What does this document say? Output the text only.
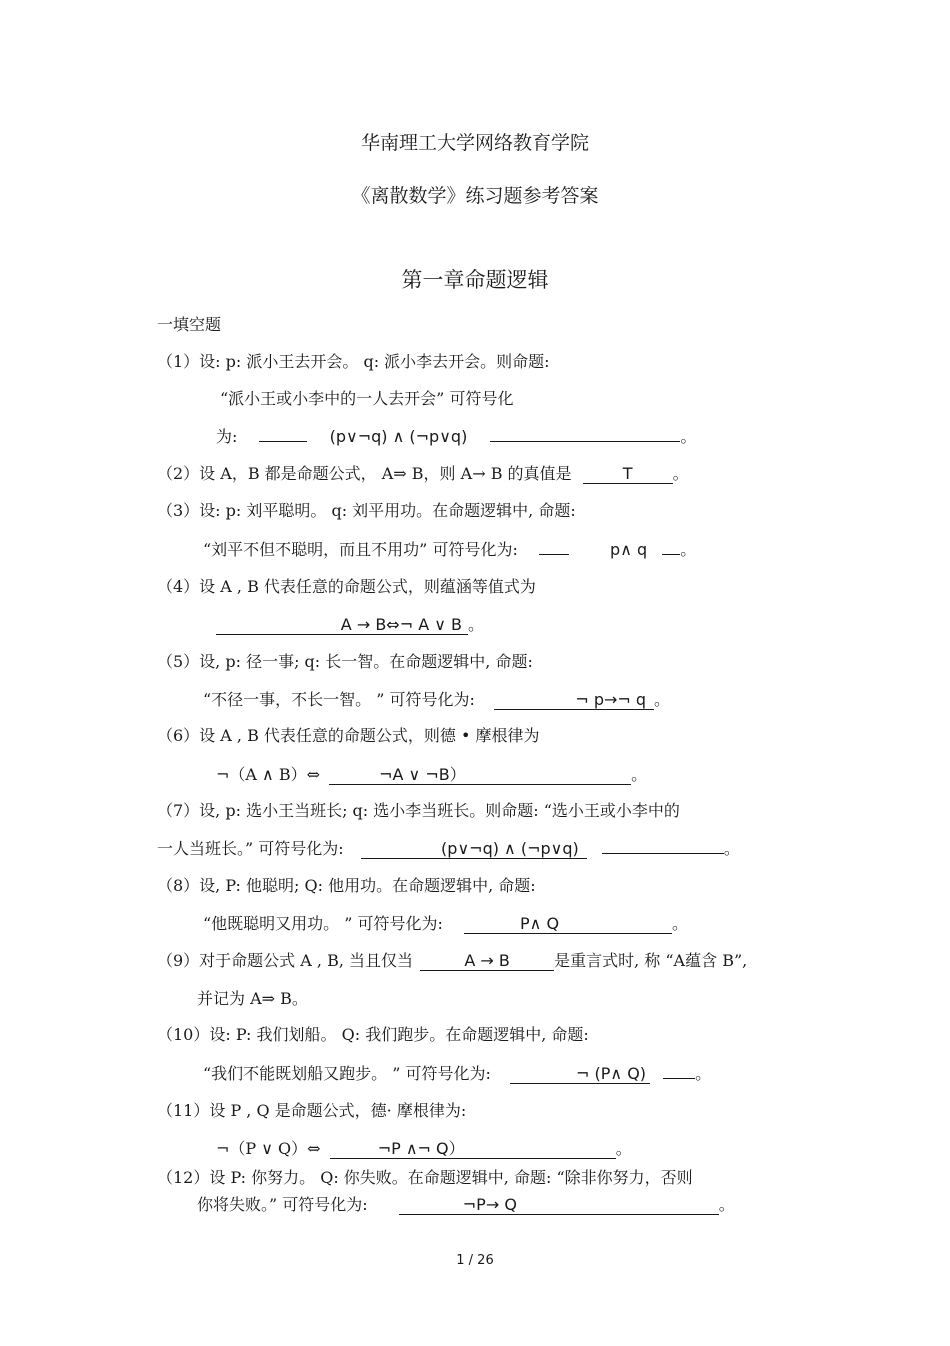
华南理工大学网络教育学院
《离散数学》练习题参考答案
第一章命题逻辑
一填空题
（1）设: p: 派小王去开会。 q: 派小李去开会。则命题:
“派小王或小李中的一人去开会” 可符号化
为:	(p∨¬q) ∧ (¬p∨q)	。
（2）设 A，B 都是命题公式， A⇒ B，则 A→ B 的真值是	T	。
（3）设: p: 刘平聪明。 q: 刘平用功。在命题逻辑中, 命题:
“刘平不但不聪明，而且不用功” 可符号化为:	p∧ q 。
（4）设 A , B 代表任意的命题公式，则蕴涵等值式为
A → B⇔¬ A ∨ B 。
（5）设, p: 径一事; q: 长一智。在命题逻辑中, 命题:
“不径一事，不长一智。 ” 可符号化为:	¬ p→¬ q 。
（6）设 A , B 代表任意的命题公式，则德 • 摩根律为
¬（A ∧ B）⇔	¬A ∨ ¬B）	。
（7）设, p: 选小王当班长; q: 选小李当班长。则命题: “选小王或小李中的
一人当班长。” 可符号化为:	(p∨¬q) ∧ (¬p∨q)	。
（8）设, P: 他聪明; Q: 他用功。在命题逻辑中, 命题:
“他既聪明又用功。 ” 可符号化为:	P∧ Q	。
（9）对于命题公式 A , B, 当且仅当	A → B	是重言式时, 称 “A蕴含 B”,
并记为 A⇒ B。
（10）设: P: 我们划船。 Q: 我们跑步。在命题逻辑中, 命题:
“我们不能既划船又跑步。 ” 可符号化为:	¬ (P∧ Q)	。
（11）设 P , Q 是命题公式，德· 摩根律为:
¬（P ∨ Q）⇔	¬P ∧¬ Q）	。
（12）设 P: 你努力。 Q: 你失败。在命题逻辑中, 命题: “除非你努力，否则
你将失败。” 可符号化为:	¬P→ Q	。
1 / 26
